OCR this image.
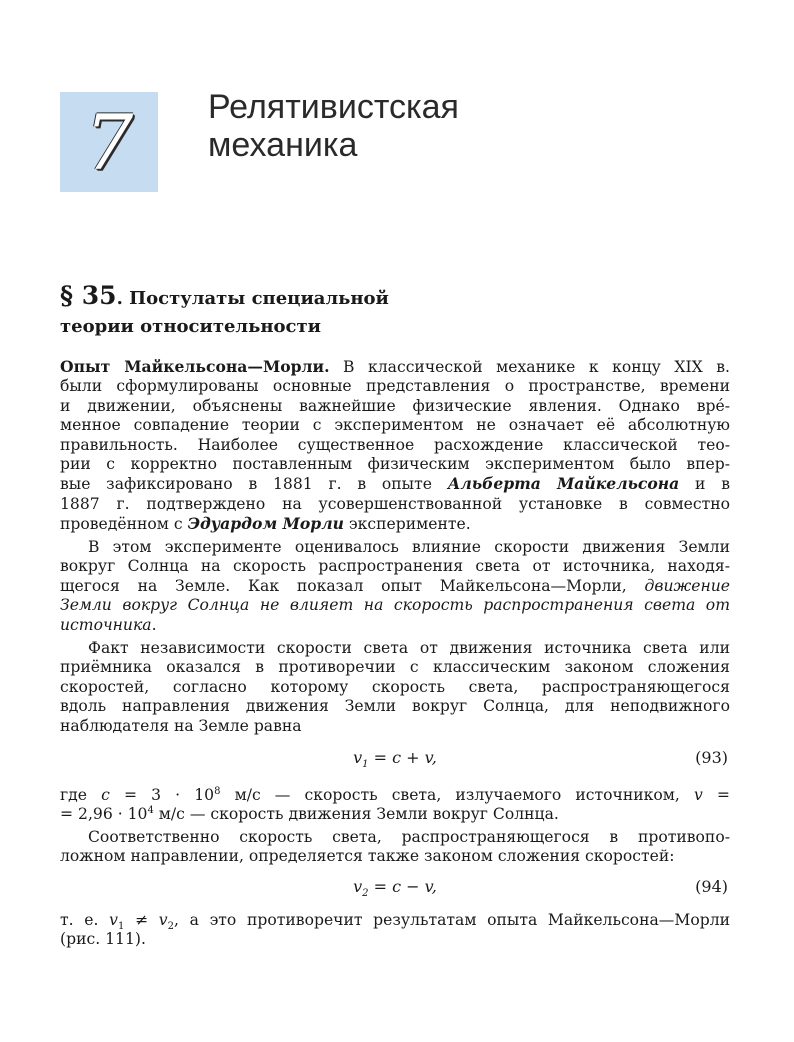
7	Релятивистская
механика
§ 35. Постулаты специальной
теории относительности
Опыт Майкельсона—Морли. В классической механике к концу XIX в.
были сформулированы основные представления о пространстве, времени
и движении, объяснены важнейшие физические явления. Однако вре́-
менное совпадение теории с экспериментом не означает её абсолютную
правильность. Наиболее существенное расхождение классической тео-
рии с корректно поставленным физическим экспериментом было впер-
вые зафиксировано в 1881 г. в опыте Альберта Майкельсона и в
1887 г. подтверждено на усовершенствованной установке в совместно
проведённом с Эдуардом Морли эксперименте.
В этом эксперименте оценивалось влияние скорости движения Земли
вокруг Солнца на скорость распространения света от источника, находя-
щегося на Земле. Как показал опыт Майкельсона—Морли, движение
Земли вокруг Солнца не влияет на скорость распространения света от
источника.
Факт независимости скорости света от движения источника света или
приёмника оказался в противоречии с классическим законом сложения
скоростей, согласно которому скорость света, распространяющегося
вдоль направления движения Земли вокруг Солнца, для неподвижного
наблюдателя на Земле равна
$v_1 = c + v$,	(93)
где $c = 3 \cdot 10^8$ м/с — скорость света, излучаемого источником, v =
= $2,96 \cdot 10^4$ м/с — скорость движения Земли вокруг Солнца.
Соответственно скорость света, распространяющегося в противопо-
ложном направлении, определяется также законом сложения скоростей:
$v_2 = c - v$,	(94)
т. е. $v_1 \ne v_2$, а это противоречит результатам опыта Майкельсона—Морли
(рис. 111).
